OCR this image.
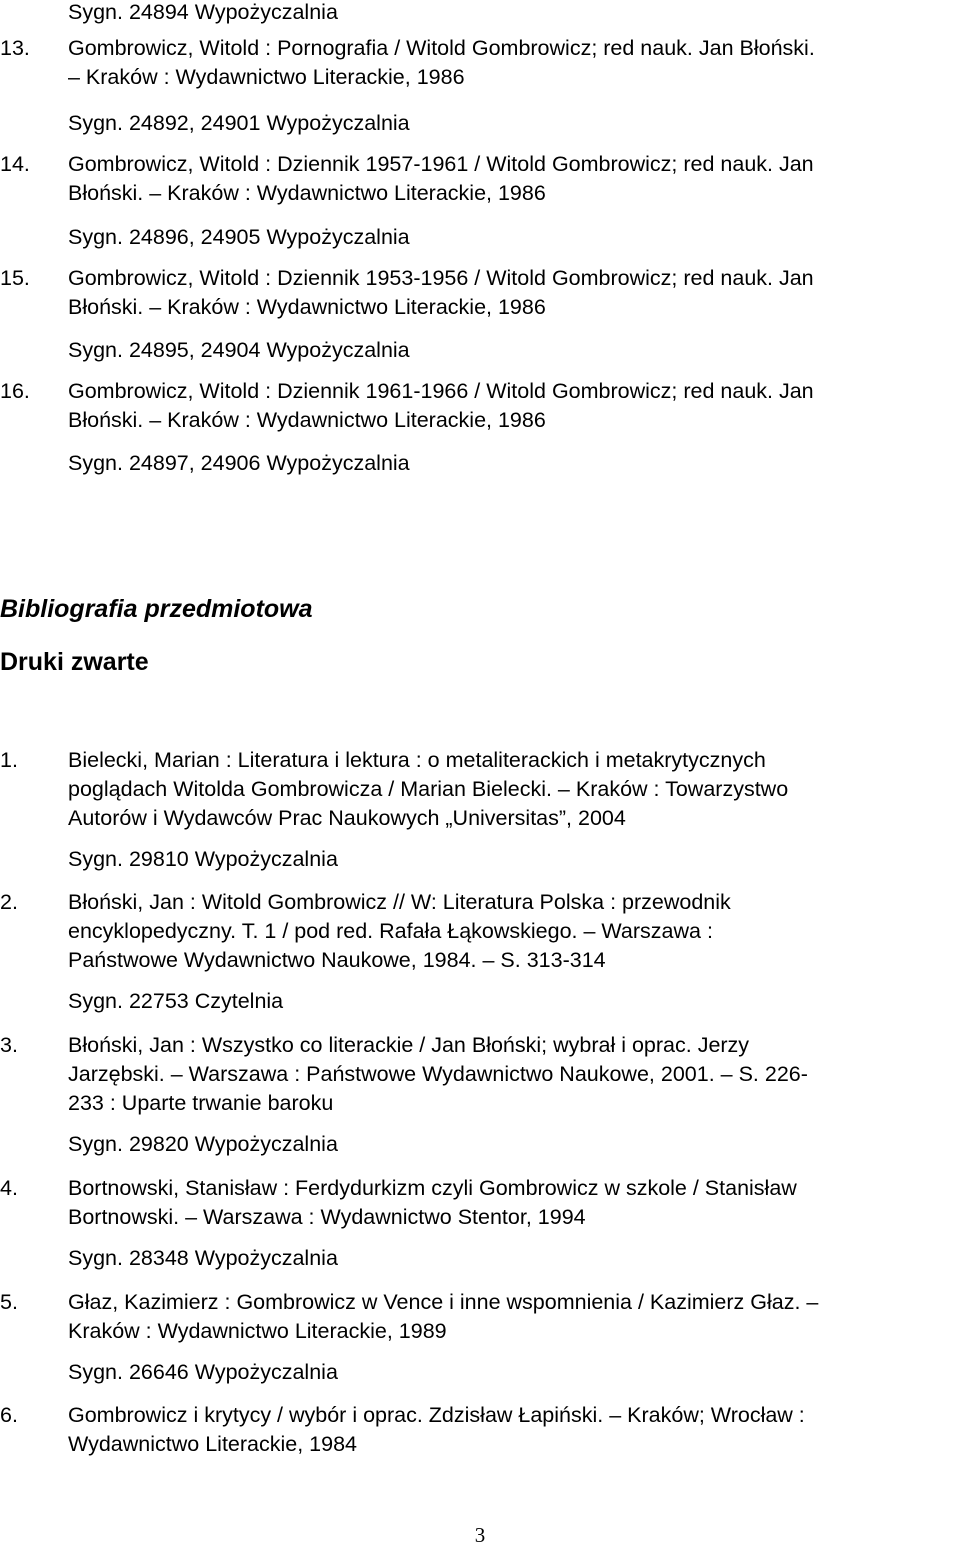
Sygn. 24894 Wypożyczalnia
13. Gombrowicz, Witold : Pornografia / Witold Gombrowicz; red nauk. Jan Błoński.
– Kraków : Wydawnictwo Literackie, 1986
Sygn. 24892, 24901 Wypożyczalnia
14. Gombrowicz, Witold : Dziennik 1957-1961 / Witold Gombrowicz; red nauk. Jan
Błoński. – Kraków : Wydawnictwo Literackie, 1986
Sygn. 24896, 24905 Wypożyczalnia
15. Gombrowicz, Witold : Dziennik 1953-1956 / Witold Gombrowicz; red nauk. Jan
Błoński. – Kraków : Wydawnictwo Literackie, 1986
Sygn. 24895, 24904 Wypożyczalnia
16. Gombrowicz, Witold : Dziennik 1961-1966 / Witold Gombrowicz; red nauk. Jan
Błoński. – Kraków : Wydawnictwo Literackie, 1986
Sygn. 24897, 24906 Wypożyczalnia
Bibliografia przedmiotowa
Druki zwarte
1. Bielecki, Marian : Literatura i lektura : o metaliterackich i metakrytycznych
poglądach Witolda Gombrowicza / Marian Bielecki. – Kraków : Towarzystwo
Autorów i Wydawców Prac Naukowych „Universitas”, 2004
Sygn. 29810 Wypożyczalnia
2. Błoński, Jan : Witold Gombrowicz // W: Literatura Polska : przewodnik
encyklopedyczny. T. 1 / pod red. Rafała Łąkowskiego. – Warszawa :
Państwowe Wydawnictwo Naukowe, 1984. – S. 313-314
Sygn. 22753 Czytelnia
3. Błoński, Jan : Wszystko co literackie / Jan Błoński; wybrał i oprac. Jerzy
Jarzębski. – Warszawa : Państwowe Wydawnictwo Naukowe, 2001. – S. 226-
233 : Uparte trwanie baroku
Sygn. 29820 Wypożyczalnia
4. Bortnowski, Stanisław : Ferdydurkizm czyli Gombrowicz w szkole / Stanisław
Bortnowski. – Warszawa : Wydawnictwo Stentor, 1994
Sygn. 28348 Wypożyczalnia
5. Głaz, Kazimierz : Gombrowicz w Vence i inne wspomnienia / Kazimierz Głaz. –
Kraków : Wydawnictwo Literackie, 1989
Sygn. 26646 Wypożyczalnia
6. Gombrowicz i krytycy / wybór i oprac. Zdzisław Łapiński. – Kraków; Wrocław :
Wydawnictwo Literackie, 1984
3
